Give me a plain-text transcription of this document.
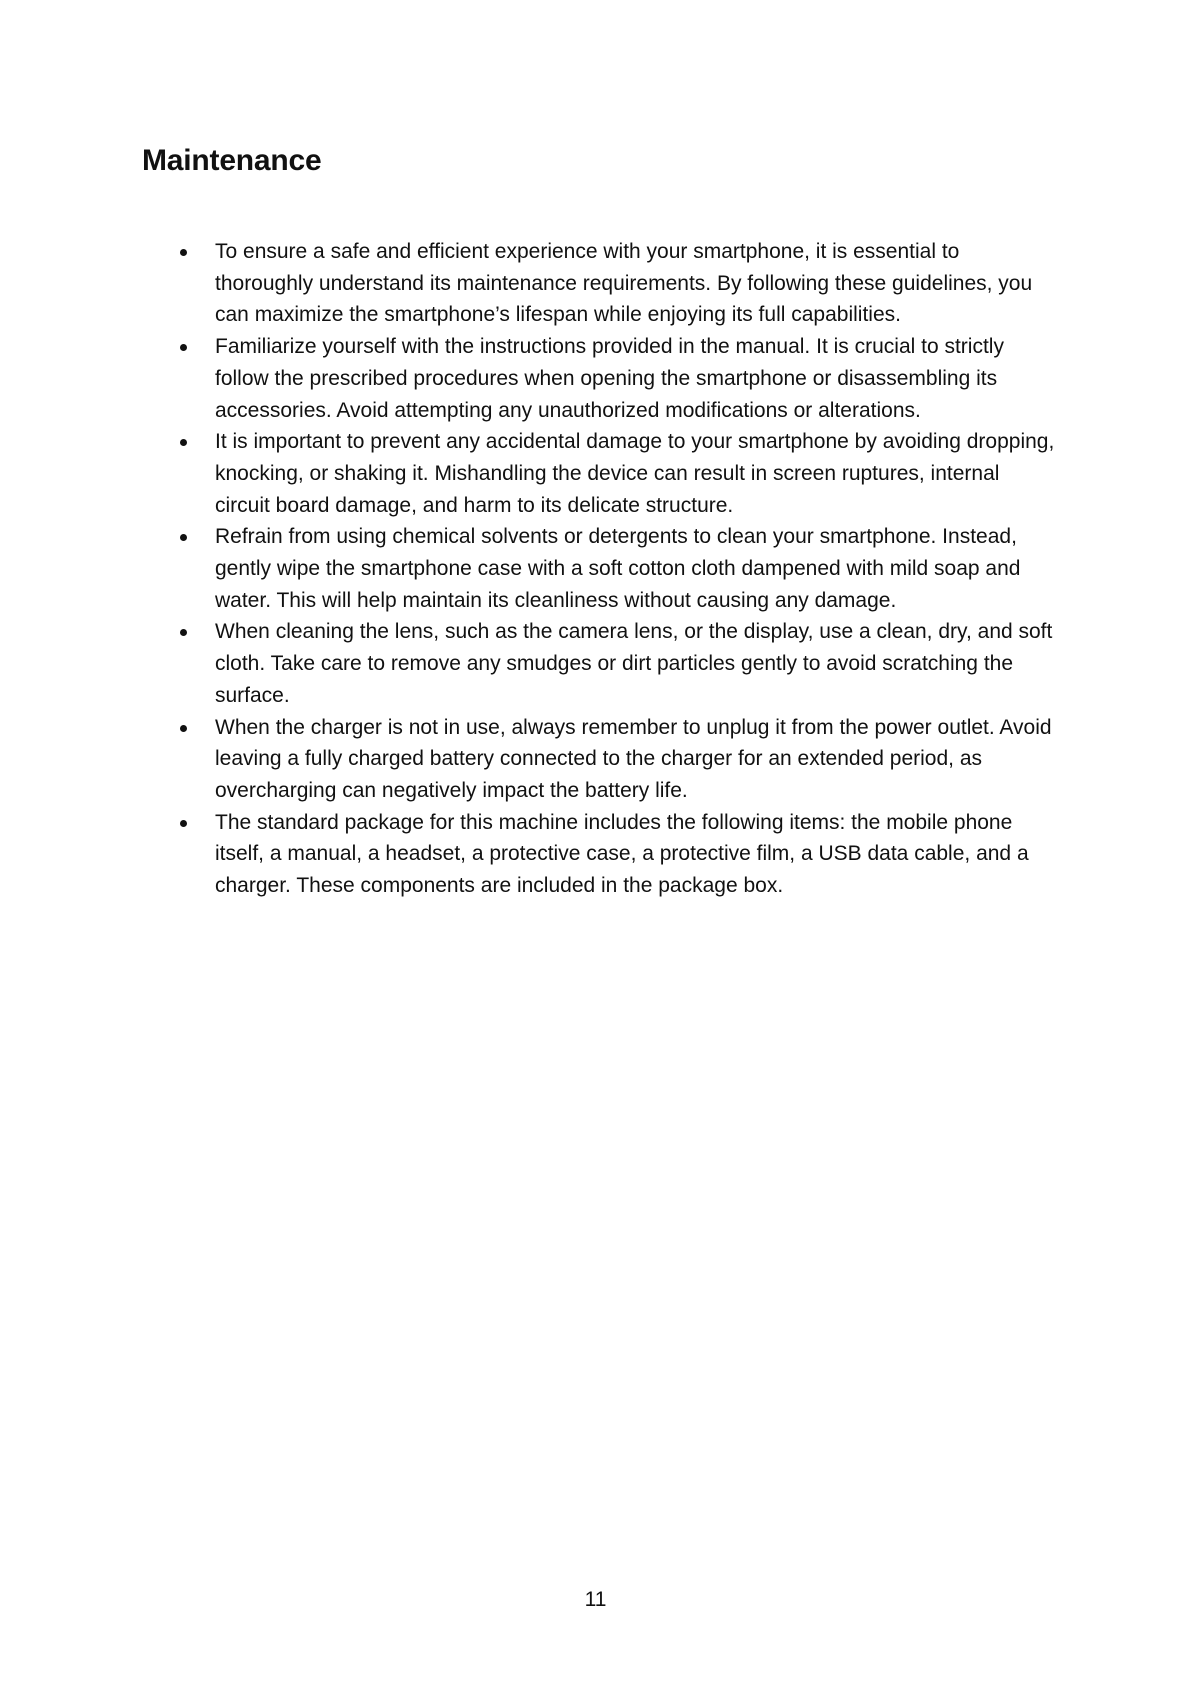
Maintenance
To ensure a safe and efficient experience with your smartphone, it is essential to thoroughly understand its maintenance requirements. By following these guidelines, you can maximize the smartphone’s lifespan while enjoying its full capabilities.
Familiarize yourself with the instructions provided in the manual. It is crucial to strictly follow the prescribed procedures when opening the smartphone or disassembling its accessories. Avoid attempting any unauthorized modifications or alterations.
It is important to prevent any accidental damage to your smartphone by avoiding dropping, knocking, or shaking it. Mishandling the device can result in screen ruptures, internal circuit board damage, and harm to its delicate structure.
Refrain from using chemical solvents or detergents to clean your smartphone. Instead, gently wipe the smartphone case with a soft cotton cloth dampened with mild soap and water. This will help maintain its cleanliness without causing any damage.
When cleaning the lens, such as the camera lens, or the display, use a clean, dry, and soft cloth. Take care to remove any smudges or dirt particles gently to avoid scratching the surface.
When the charger is not in use, always remember to unplug it from the power outlet. Avoid leaving a fully charged battery connected to the charger for an extended period, as overcharging can negatively impact the battery life.
The standard package for this machine includes the following items: the mobile phone itself, a manual, a headset, a protective case, a protective film, a USB data cable, and a charger. These components are included in the package box.
11
